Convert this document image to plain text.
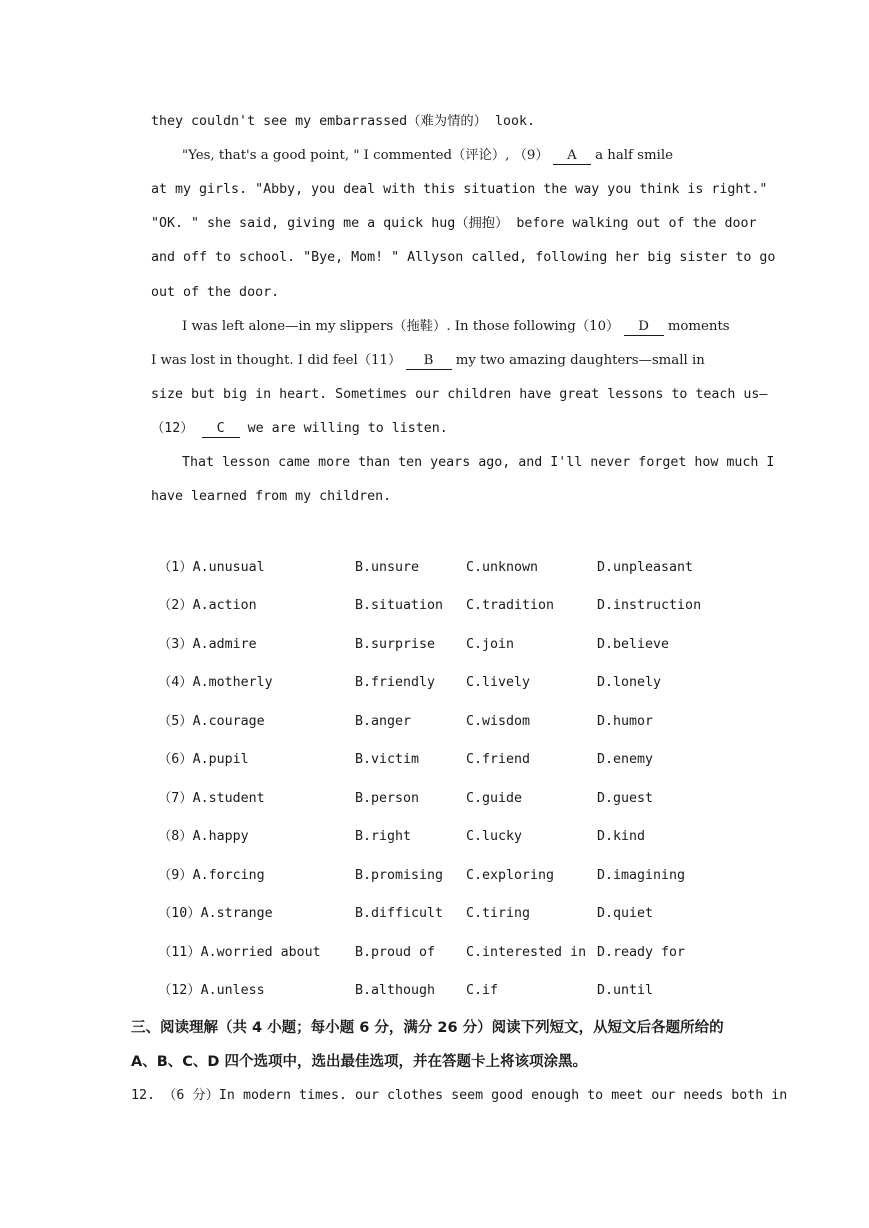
they couldn't see my embarrassed（难为情的） look.
"Yes, that's a good point, " I commented（评论）, （9） A a half smile
at my girls. "Abby, you deal with this situation the way you think is right."
"OK. " she said, giving me a quick hug（拥抱） before walking out of the door
and off to school. "Bye, Mom! " Allyson called, following her big sister to go
out of the door.
I was left alone—in my slippers（拖鞋）. In those following（10） D moments
I was lost in thought. I did feel（11） B my two amazing daughters—small in
size but big in heart. Sometimes our children have great lessons to teach us—
（12） C we are willing to listen.
That lesson came more than ten years ago, and I'll never forget how much I
have learned from my children.
（1）A.unusual	B.unsure	C.unknown	D.unpleasant
（2）A.action	B.situation C.tradition	D.instruction
（3）A.admire	B.surprise C.join	D.believe
（4）A.motherly	B.friendly C.lively	D.lonely
（5）A.courage	B.anger	C.wisdom	D.humor
（6）A.pupil	B.victim	C.friend	D.enemy
（7）A.student	B.person	C.guide	D.guest
（8）A.happy	B.right	C.lucky	D.kind
（9）A.forcing	B.promising C.exploring	D.imagining
（10）A.strange	B.difficult C.tiring	D.quiet
（11）A.worried about	B.proud of C.interested in D.ready for
（12）A.unless	B.although C.if	D.until
三、阅读理解（共 4 小题；每小题 6 分，满分 26 分）阅读下列短文，从短文后各题所给的
A、B、C、D 四个选项中，选出最佳选项，并在答题卡上将该项涂黑。
12. （6 分）In modern times. our clothes seem good enough to meet our needs both in
